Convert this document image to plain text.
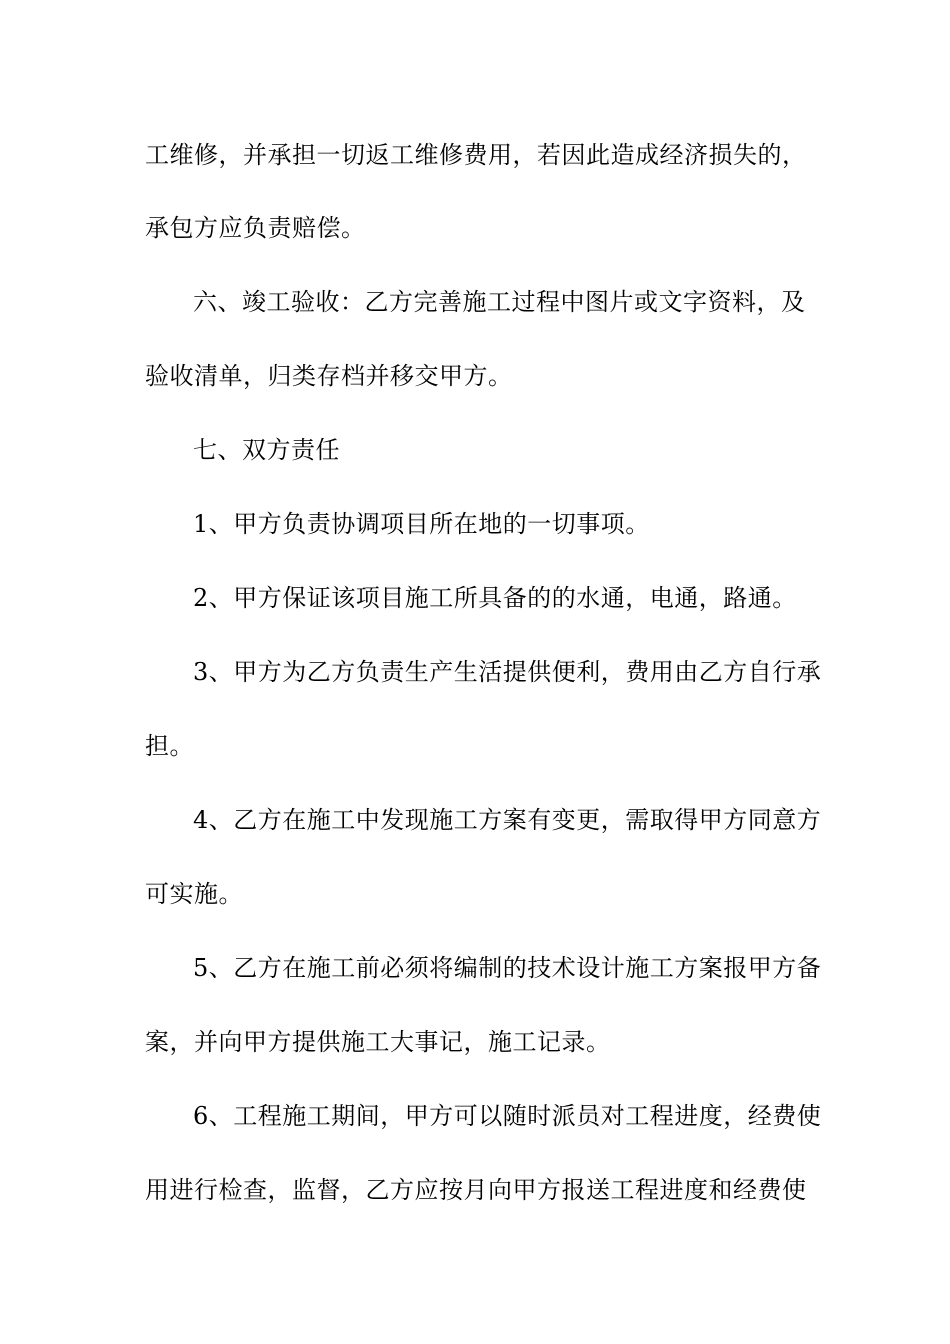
工维修，并承担一切返工维修费用，若因此造成经济损失的，
承包方应负责赔偿。
六、竣工验收：乙方完善施工过程中图片或文字资料，及
验收清单，归类存档并移交甲方。
七、双方责任
1、甲方负责协调项目所在地的一切事项。
2、甲方保证该项目施工所具备的的水通，电通，路通。
3、甲方为乙方负责生产生活提供便利，费用由乙方自行承
担。
4、乙方在施工中发现施工方案有变更，需取得甲方同意方
可实施。
5、乙方在施工前必须将编制的技术设计施工方案报甲方备
案，并向甲方提供施工大事记，施工记录。
6、工程施工期间，甲方可以随时派员对工程进度，经费使
用进行检查，监督，乙方应按月向甲方报送工程进度和经费使
